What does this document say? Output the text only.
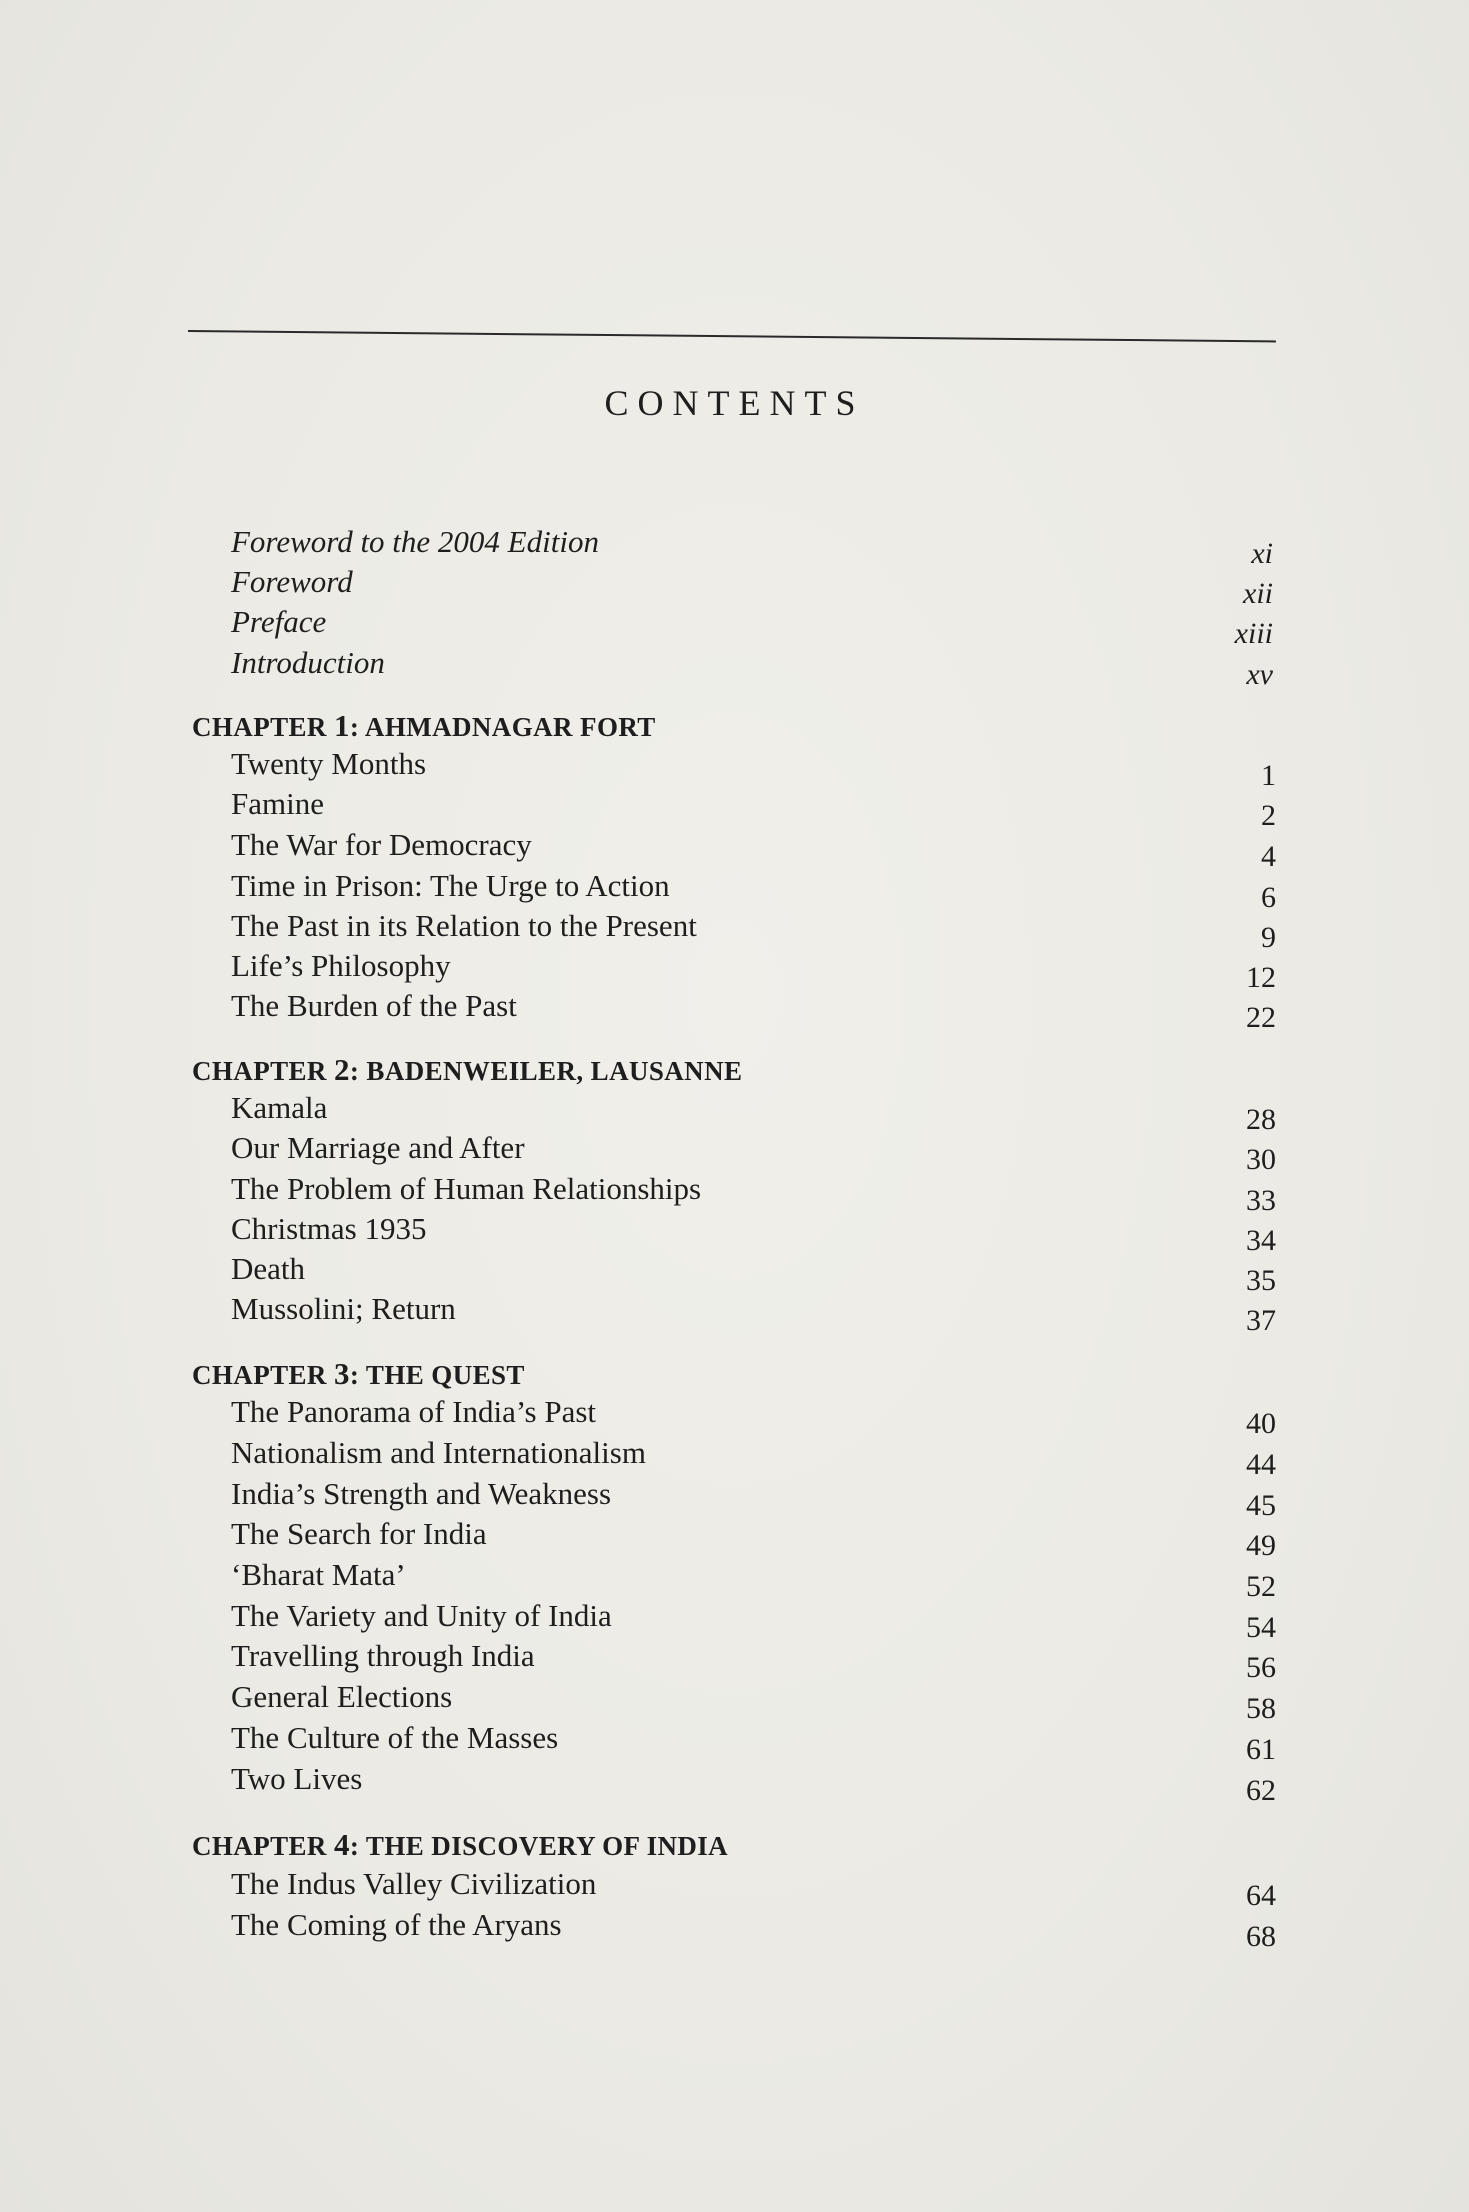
CONTENTS
Foreword to the 2004 Edition	xi
Foreword	xii
Preface	xiii
Introduction	xv
CHAPTER 1: AHMADNAGAR FORT
Twenty Months	1
Famine	2
The War for Democracy	4
Time in Prison: The Urge to Action	6
The Past in its Relation to the Present	9
Life’s Philosophy	12
The Burden of the Past	22
CHAPTER 2: BADENWEILER, LAUSANNE
Kamala	28
Our Marriage and After	30
The Problem of Human Relationships	33
Christmas 1935	34
Death	35
Mussolini; Return	37
CHAPTER 3: THE QUEST
The Panorama of India’s Past	40
Nationalism and Internationalism	44
India’s Strength and Weakness	45
The Search for India	49
‘Bharat Mata’	52
The Variety and Unity of India	54
Travelling through India	56
General Elections	58
The Culture of the Masses	61
Two Lives	62
CHAPTER 4: THE DISCOVERY OF INDIA
The Indus Valley Civilization	64
The Coming of the Aryans	68
